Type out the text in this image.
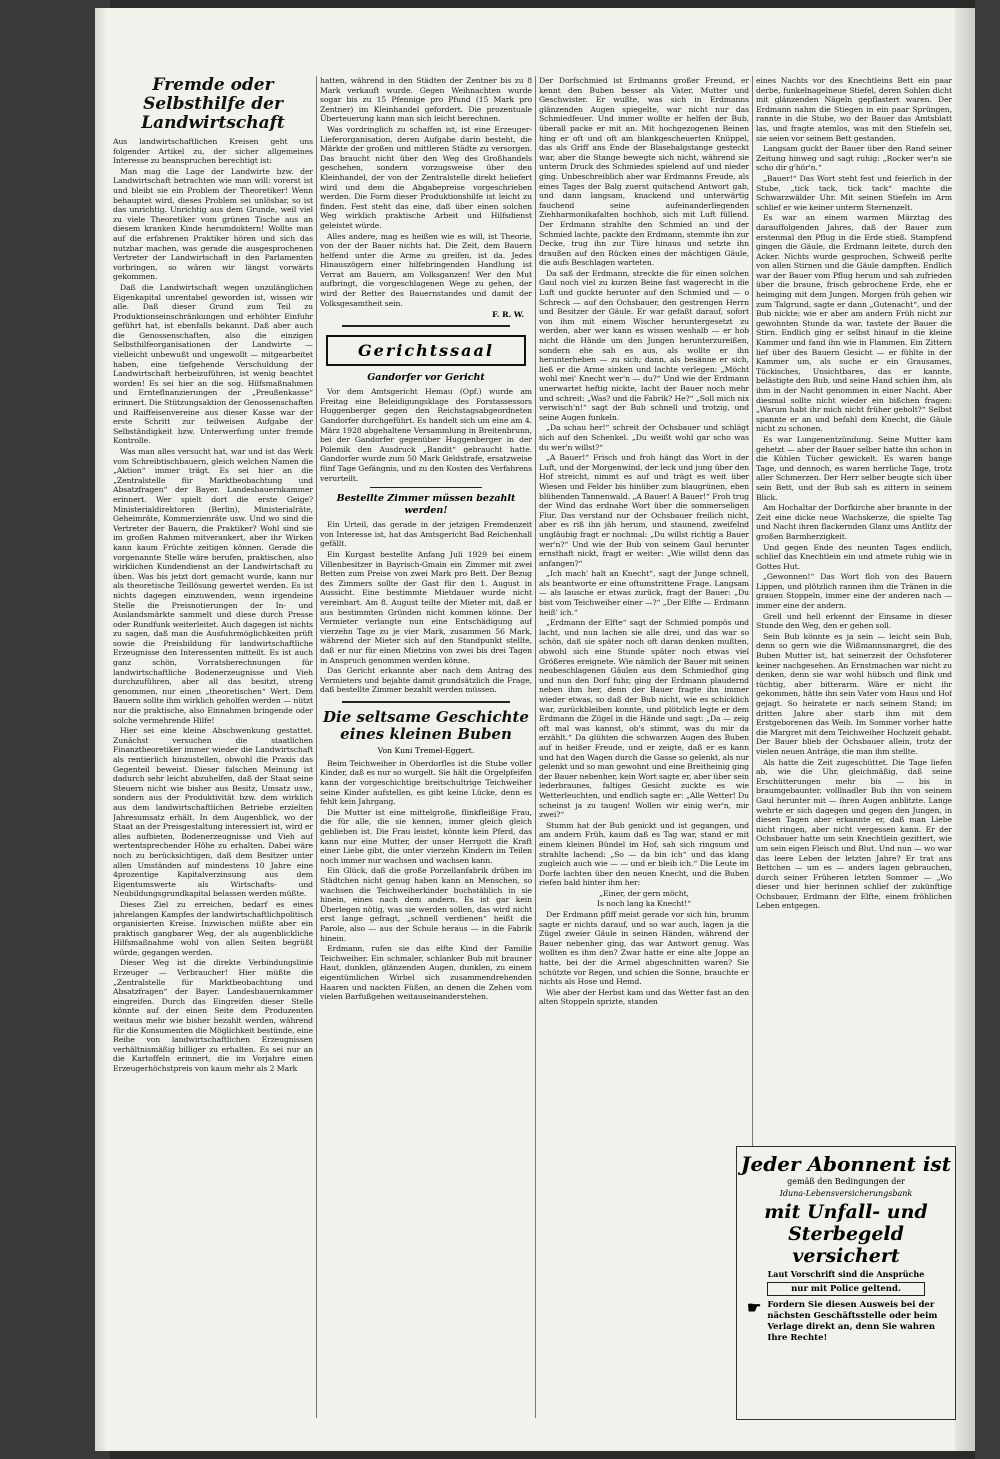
Fremde oder Selbsthilfe der Landwirtschaft

Aus landwirtschaftlichen Kreisen geht uns folgender Artikel zu, der sicher allgemeines Interesse zu beanspruchen berechtigt ist:

Man mag die Lage der Landwirte bzw. der Landwirtschaft betrachten wie man will: vorerst ist und bleibt sie ein Problem der Theoretiker! Wenn behauptet wird, dieses Problem sei unlösbar, so ist das unrichtig. Unrichtig aus dem Grunde, weil viel zu viele Theoretiker vom grünen Tische aus an diesem kranken Kinde herumdoktern! Wollte man auf die erfahrenen Praktiker hören und sich das nutzbar machen, was gerade die ausgesprochenen Vertreter der Landwirtschaft in den Parlamenten vorbringen, so wären wir längst vorwärts gekommen.

Daß die Landwirtschaft wegen unzulänglichen Eigenkapital unrentabel geworden ist, wissen wir alle. Daß dieser Grund zum Teil zu Produktionseinschränkungen und erhöhter Einfuhr geführt hat, ist ebenfalls bekannt. Daß aber auch die Genossenschaften, also die einzigen Selbsthilfeorganisationen der Landwirte — vielleicht unbewußt und ungewollt — mitgearbeitet haben, eine tiefgehende Verschuldung der Landwirtschaft herbeizuführen, ist wenig beachtet worden! Es sei hier an die sog. Hilfsmaßnahmen und Ernteflnanzierungen der „Preußenkasse“ erinnert. Die Stützungsaktion der Genossenschaften und Raiffeisenvereine aus dieser Kasse war der erste Schritt zur teilweisen Aufgabe der Selbständigkeit bzw. Unterwerfung unter fremde Kontrolle.

Was man alles versucht hat, war und ist das Werk vom Schreibtischbauern, gleich welchen Namen die „Aktion“ immer trägt. Es sei hier an die „Zentralstelle für Marktbeobachtung und Absatzfragen“ der Bayer. Landesbauernkammer erinnert. Wer spielt dort die erste Geige? Ministerialdirektoren (Berlin), Ministerialräte, Geheimräte, Kommerzienräte usw. Und wo sind die Vertreter der Bauern, die Praktiker? Wohl sind sie im großen Rahmen mitverankert, aber ihr Wirken kann kaum Früchte zeitigen können. Gerade die vorgenannte Stelle wäre berufen, praktischen, also wirklichen Kundendienst an der Landwirtschaft zu üben. Was bis jetzt dort gemacht wurde, kann nur als theoretische Teillösung gewertet werden. Es ist nichts dagegen einzuwenden, wenn irgendeine Stelle die Preisnotierungen der In- und Auslandsmärkte sammelt und diese durch Presse oder Rundfunk weiterleitet. Auch dagegen ist nichts zu sagen, daß man die Ausfuhrmöglichkeiten prüft sowie die Preisbildung für landwirtschaftliche Erzeugnisse den Interessenten mitteilt. Es ist auch ganz schön, Vorratsberechnungen für landwirtschaftliche Bodenerzeugnisse und Vieh durchzuführen, aber all das besitzt, streng genommen, nur einen „theoretischen“ Wert. Dem Bauern sollte ihm wirklich geholfen werden — nützt nur die praktische, also Einnahmen bringende oder solche vermehrende Hilfe!

Hier sei eine kleine Abschwenkung gestattet. Zunächst versuchen die staatlichen Finanztheoretiker immer wieder die Landwirtschaft als rentierlich hinzustellen, obwohl die Praxis das Gegenteil beweist. Dieser falschen Meinung ist dadurch sehr leicht abzuhelfen, daß der Staat seine Steuern nicht wie bisher aus Besitz, Umsatz usw., sondern aus der Produktivität bzw. dem wirklich aus dem landwirtschaftlichen Betriebe erzielten Jahresumsatz erhält. In dem Augenblick, wo der Staat an der Preisgestaltung interessiert ist, wird er alles aufbieten, Bodenerzeugnisse und Vieh auf wertentsprechender Höhe zu erhalten. Dabei wäre noch zu berücksichtigen, daß dem Besitzer unter allen Umständen auf mindestens 10 Jahre eine 4prozentige Kapitalverzinsung aus dem Eigentumswerte als Wirtschafts- und Neubildungsgrundkapital belassen werden müßte.

Dieses Ziel zu erreichen, bedarf es eines jahrelangen Kampfes der landwirtschaftlichpolitisch organisierten Kreise. Inzwischen müßte aber ein praktisch gangbarer Weg, der als augenblickliche Hilfsmaßnahme wohl von allen Seiten begrüßt würde, gegangen werden.

Dieser Weg ist die direkte Verbindungslinie Erzeuger — Verbraucher! Hier müßte die „Zentralstelle für Marktbeobachtung und Absatzfragen“ der Bayer. Landesbauernkammer eingreifen. Durch das Eingreifen dieser Stelle könnte auf der einen Seite dem Produzenten weitaus mehr wie bisher bezahlt werden, während für die Konsumenten die Möglichkeit bestünde, eine Reihe von landwirtschaftlichen Erzeugnissen verhältnismäßig billiger zu erhalten. Es sei nur an die Kartoffeln erinnert, die im Vorjahre einen Erzeugerhöchstpreis von kaum mehr als 2 Mark

hatten, während in den Städten der Zentner bis zu 8 Mark verkauft wurde. Gegen Weihnachten wurde sogar bis zu 15 Pfennige pro Pfund (15 Mark pro Zentner) im Kleinhandel gefordert. Die prozentuale Überteuerung kann man sich leicht berechnen.

Was vordringlich zu schaffen ist, ist eine Erzeuger-Lieferorganisation, deren Aufgabe darin besteht, die Märkte der großen und mittleren Städte zu versorgen. Das braucht nicht über den Weg des Großhandels geschehen, sondern vorzugsweise über den Kleinhandel, der von der Zentralstelle direkt beliefert wird und dem die Abgabepreise vorgeschrieben werden. Die Form dieser Produktionshilfe ist leicht zu finden. Fest steht das eine, daß über einen solchen Weg wirklich praktische Arbeit und Hilfsdienst geleistet würde.

Alles andere, mag es heißen wie es will, ist Theorie, von der der Bauer nichts hat. Die Zeit, dem Bauern helfend unter die Arme zu greifen, ist da. Jedes Hinauszögern einer hilfebringenden Handlung ist Verrat am Bauern, am Volksganzen! Wer den Mut aufbringt, die vorgeschlagenen Wege zu gehen, der wird der Retter des Bauernstandes und damit der Volksgesamtheit sein.

F. R. W.
Gerichtssaal
Gandorfer vor Gericht

Vor dem Amtsgericht Hemau (Opf.) wurde am Freitag eine Beleidigungsklage des Forstassessors Huggenberger gegen den Reichstagsabgeordneten Gandorfer durchgeführt. Es handelt sich um eine am 4. März 1928 abgehaltene Versammlung in Breitenbrunn, bei der Gandorfer gegenüber Huggenberger in der Polemik den Ausdruck „Bandit“ gebraucht hatte. Gandorfer wurde zum 50 Mark Geldstrafe, ersatzweise fünf Tage Gefängnis, und zu den Kosten des Verfahrens verurteilt.

Bestellte Zimmer müssen bezahlt werden!

Ein Urteil, das gerade in der jetzigen Fremdenzeit von Interesse ist, hat das Amtsgericht Bad Reichenhall gefällt.

Ein Kurgast bestellte Anfang Juli 1929 bei einem Villenbesitzer in Bayrisch-Gmain ein Zimmer mit zwei Betten zum Preise von zwei Mark pro Bett. Der Bezug des Zimmers sollte der Gast für den 1. August in Aussicht. Eine bestimmte Mietdauer wurde nicht vereinbart. Am 8. August teilte der Mieter mit, daß er aus bestimmten Gründen nicht kommen könne. Der Vermieter verlangte nun eine Entschädigung auf vierzehn Tage zu je vier Mark, zusammen 56 Mark, während der Mieter sich auf den Standpunkt stellte, daß er nur für einen Mietzins von zwei bis drei Tagen in Anspruch genommen werden könne.

Das Gericht erkannte aber nach dem Antrag des Vermieters und bejahte damit grundsätzlich die Frage, daß bestellte Zimmer bezahlt werden müssen.

Die seltsame Geschichte eines kleinen Buben
Von Kuni Tremel-Eggert.

Beim Teichweiher in Oberdorfles ist die Stube voller Kinder, daß es nur so wurgelt. Sie hält die Orgelpfeifen kann der vorgeschichtige breitschultrige Teichweiher seine Kinder aufstellen, es gibt keine Lücke, denn es fehlt kein Jahrgang.

Die Mutter ist eine mittelgroße, flinkfleißige Frau, die für alle, die sie kennen, immer gleich gleich geblieben ist. Die Frau leistet, könnte kein Pferd, das kann nur eine Mutter, der unser Herrgott die Kraft einer Liebe gibt, die unter vierzehn Kindern im Teilen noch immer nur wachsen und wachsen kann.

Ein Glück, daß die große Porzellanfabrik drüben im Städtchen nicht genug haben kann an Menschen, so wachsen die Teichweiherkinder buchstäblich in sie hinein, eines nach dem andern. Es ist gar kein Überlegen nötig, was sie werden sollen, das wird nicht erst lange gefragt, „schnell verdienen“ heißt die Parole, also — aus der Schule heraus — in die Fabrik hinein.

Erdmann, rufen sie das elfte Kind der Familie Teichweiher. Ein schmaler, schlanker Bub mit brauner Haut, dunklen, glänzenden Augen, dunklen, zu einem eigentümlichen Wirbel sich zusammendrehenden Haaren und nackten Füßen, an denen die Zehen vom vielen Barfußgehen weitauseinanderstehen.

Der Dorfschmied ist Erdmanns großer Freund, er kennt den Buben besser als Vater, Mutter und Geschwister. Er wußte, was sich in Erdmanns glänzenden Augen spiegelte, war nicht nur das Schmiedfeuer. Und immer wollte er helfen der Bub, überall packe er mit an. Mit hochgezogenen Beinen hing er oft und oft am blankgescheuerten Knüppel, das als Griff ans Ende der Blasebalgstange gesteckt war, aber die Stange bewegte sich nicht, während sie unterm Druck des Schmiedes spielend auf und nieder ging. Unbeschreiblich aber war Erdmanns Freude, als eines Tages der Balg zuerst quitschend Antwort gab, und dann langsam, knackend und unterwärtig fauchend seine aufeinanderliegenden Ziehharmonikafalten hochhob, sich mit Luft füllend. Der Erdmann strahlte den Schmied an und der Schmied lachte, packte den Erdmann, stemmte ihn zur Decke, trug ihn zur Türe hinaus und setzte ihn draußen auf den Rücken eines der mächtigen Gäule, die aufs Beschlagen warteten.

Da saß der Erdmann, streckte die für einen solchen Gaul noch viel zu kurzen Beine fast wagerecht in die Luft und guckte herunter auf den Schmied und — o Schreck — auf den Ochsbauer, den gestrengen Herrn und Besitzer der Gäule. Er war gefaßt darauf, sofort von ihm mit einem Wischer heruntergesetzt zu werden, aber wer kann es wissen weshalb — er hob nicht die Hände um den Jungen herunterzureißen, sondern ehe sah es aus, als wollte er ihn herunterheben — zu sich; dann, als besänne er sich, ließ er die Arme sinken und lachte verlegen: „Möcht wohl mei' Knecht wer'n — du?“ Und wie der Erdmann unerwartet heftig nickte, lacht der Bauer noch mehr und schreit: „Was? und die Fabrik? He?“ „Soll mich nix verwisch'n!“ sagt der Bub schnell und trotzig, und seine Augen funkeln.

„Da schau her!“ schreit der Ochsbauer und schlägt sich auf den Schenkel. „Du weißt wohl gar scho was du wer'n willst?“

„A Bauer!“ Frisch und froh hängt das Wort in der Luft, und der Morgenwind, der leck und jung über den Hof streicht, nimmt es auf und trägt es weit über Wiesen und Felder bis hinüber zum blaugrünen, eben blühenden Tannenwald. „A Bauer! A Bauer!“ Froh trug der Wind das erdnahe Wort über die sommerseligen Flur. Das verstand nur der Ochsbauer freilich nicht, aber es riß ihn jäh herum, und staunend, zweifelnd ungläubig fragt er nochmal: „Du willst richtig a Bauer wer'n?“ Und wie der Bub von seinem Gaul herunter ernsthaft nickt, fragt er weiter: „Wie willst denn das anfangen?“

„Ich mach' halt an Knecht“, sagt der Junge schnell, als beantworte er eine oftumstrittene Frage. Langsam — als lausche er etwas zurück, fragt der Bauer: „Du bist vom Teichweiher einer —?“ „Der Elfte — Erdmann heiß' ich.“

„Erdmann der Elfte“ sagt der Schmied pompös und lacht, und nun lachen sie alle drei, und das war so schön, daß sie später noch oft daran denken mußten, obwohl sich eine Stunde später noch etwas viel Größeres ereignete. Wie nämlich der Bauer mit seinen neubeschlagenen Gäulen aus dem Schmiedhof ging und nun den Dorf fuhr, ging der Erdmann plaudernd neben ihm her, denn der Bauer fragte ihn immer wieder etwas, so daß der Bub nicht, wie es schicklich war, zurückbleiben konnte, und plötzlich legte er dem Erdmann die Zügel in die Hände und sagt: „Da — zeig oft mal was kannst, ob's stimmt, was du mir da erzählt.“ Da glühten die schwarzen Augen des Buben auf in heißer Freude, und er zeigte, daß er es kann und hat den Wagen durch die Gasse so gelenkt, als nur gelenkt und so man gewohnt und eine Breitheinig ging der Bauer nebenher, kein Wort sagte er, aber über sein lederbraunes, faltiges Gesicht zuckte es wie Wetterleuchten, und endlich sagte er: „Alle Wetter! Du scheinst ja zu taugen! Wollen wir einig wer'n, mir zwei?“

Stumm hat der Bub genickt und ist gegangen, und am andern Früh, kaum daß es Tag war, stand er mit einem kleinen Bündel im Hof, sah sich ringsum und strahlte lachend: „So — da bin ich“ und das klang zugleich auch wie — — und er bleib ich.“ Die Leute im Dorfe lachten über den neuen Knecht, und die Buben riefen bald hinter ihm her:

„Einer, der gern möcht,

Is noch lang ka Knecht!“

Der Erdmann pfiff meist gerade vor sich hin, brumm sagte er nichts darauf, und so war auch, lagen ja die Zügel zweier Gäule in seinen Händen, während der Bauer nebenher ging, das war Antwort genug. Was wollten es ihm den? Zwar hatte er eine alte Joppe an hatte, bei der die Armel abgeschnitten waren? Sie schützte vor Regen, und schien die Sonne, brauchte er nichts als Hose und Hemd.

Wie aber der Herbst kam und das Wetter fast an den alten Stoppeln sprizte, standen

eines Nachts vor des Knechtleins Bett ein paar derbe, funkelnagelneue Stiefel, deren Sohlen dicht mit glänzenden Nägeln gepflastert waren. Der Erdmann nahm die Stiegen in ein paar Sprüngen, rannte in die Stube, wo der Bauer das Amtsblatt las, und fragte atemlos, was mit den Stiefeln sei, sie seien vor seinem Bett gestanden.

Langsam guckt der Bauer über den Rand seiner Zeitung hinweg und sagt ruhig: „Rocker wer'n sie scho dir g'hör'n.“

„Bauer!“ Das Wort steht fest und feierlich in der Stube, „tick tack, tick tack“ machte die Schwarzwälder Uhr. Mit seinen Stiefeln im Arm schlief er wie keiner unterm Sternenzelt.

Es war an einem warmen Märztag des darauffolgenden Jahres, daß der Bauer zum erstenmal den Pflug in die Erde stieß. Stampfend gingen die Gäule, die Erdmann leitete, durch den Acker. Nichts wurde gesprochen, Schweiß perlte von allen Stirnen und die Gäule dampften. Endlich war der Bauer vom Pflug herum und sah zufrieden über die braune, frisch gebrochene Erde, ehe er heimging mit dem Jungen. Morgen früh gehen wir zum Talgrund, sagte er dann „Gutenacht“, und der Bub nickte; wie er aber am andern Früh nicht zur gewohnten Stunde da war, tastete der Bauer die Stirn. Endlich ging er selbst hinauf in die kleine Kammer und fand ihn wie in Flammen. Ein Zittern lief über des Bauern Gesicht — er fühlte in der Kammer um, als suche er ein Grausames, Tückisches, Unsichtbares, das er kannte, belästigte den Bub, und seine Hand schien ihm, als ihm in der Nacht genommen in einer Nacht. Aber diesmal sollte nicht wieder ein bißchen fragen: „Warum habt ihr mich nicht früher geholt?“ Selbst spannte er an und befahl dem Knecht, die Gäule nicht zu schonen.

Es war Lungenentzündung. Seine Mutter kam gehetzt — aber der Bauer selber hatte ihn schon in die Kühlen Tücher gewickelt. Es waren bange Tage, und dennoch, es waren herrliche Tage, trotz aller Schmerzen. Der Herr selber beugte sich über sein Bett, und der Bub sah es zittern in seinem Blick.

Am Hochaltar der Dorfkirche aber brannte in der Zeit eine dicke neue Wachskerze, die spielte Tag und Nacht ihren flackernden Glanz ums Antlitz der großen Barmherzigkeit.

Und gegen Ende des neunten Tages endlich, schlief das Knechtlein ein und atmete ruhig wie in Gottes Hut.

„Gewonnen!“ Das Wort floh von des Bauern Lippen, und plötzlich rannen ihm die Tränen in die grauen Stoppeln, immer eine der anderen nach — immer eine der andern.

Grell und hell erkennt der Einsame in dieser Stunde den Weg, den er gehen soll.

Sein Bub könnte es ja sein — leicht sein Bub, denn so gern wie die Wißmannsmargret, die des Buben Mutter ist, hat seinerzeit der Ochsfoterer keiner nachgesehen. An Ernstmachen war nicht zu denken, denn sie war wohl hübsch und flink und tüchtig, aber bitterarm. Wäre er nicht ihr gekommen, hätte ihn sein Vater vom Haus und Hof gejagt. So heiratete er nach seinem Stand; im dritten Jahre aber starb ihm mit dem Erstgeborenen das Weib. Im Sommer vorher hatte die Margret mit dem Teichweiher Hochzeit gehabt. Der Bauer blieb der Ochsbauer allein, trotz der vielen neuen Anträge, die man ihm stellte.

Als hatte die Zeit zugeschüttet. Die Tage liefen ab, wie die Uhr, gleichmäßig, daß seine Erschütterungen mehr bis — bis in braumgebaunter, volllnadler Bub ihn von seinem Gaul herunter mit — ihren Augen anblitzte. Lange wehrte er sich dagegen und gegen den Jungen, in diesen Tagen aber erkannte er, daß man Liebe nicht ringen, aber nicht vergessen kann. Er der Ochsbauer hatte um sein Knechtlein gezittert, wie um sein eigen Fleisch und Blut. Und nun — wo war das leere Leben der letzten Jahre? Er trat ans Bettchen — um es — anders lagen gebrauchen, durch seiner Früheren letzten Sommer — „Wo dieser und hier herinnen schlief der zukünftige Ochsbauer, Erdmann der Elfte, einem fröhlichen Leben entgegen.

Jeder Abonnent ist
gemäß den Bedingungen der
Iduna-Lebensversicherungsbank
mit Unfall- und Sterbegeld versichert
Laut Vorschrift sind die Ansprüche
nur mit Police geltend.
☛ Fordern Sie diesen Ausweis bei der nächsten Geschäftsstelle oder beim Verlage direkt an, denn Sie wahren Ihre Rechte!
